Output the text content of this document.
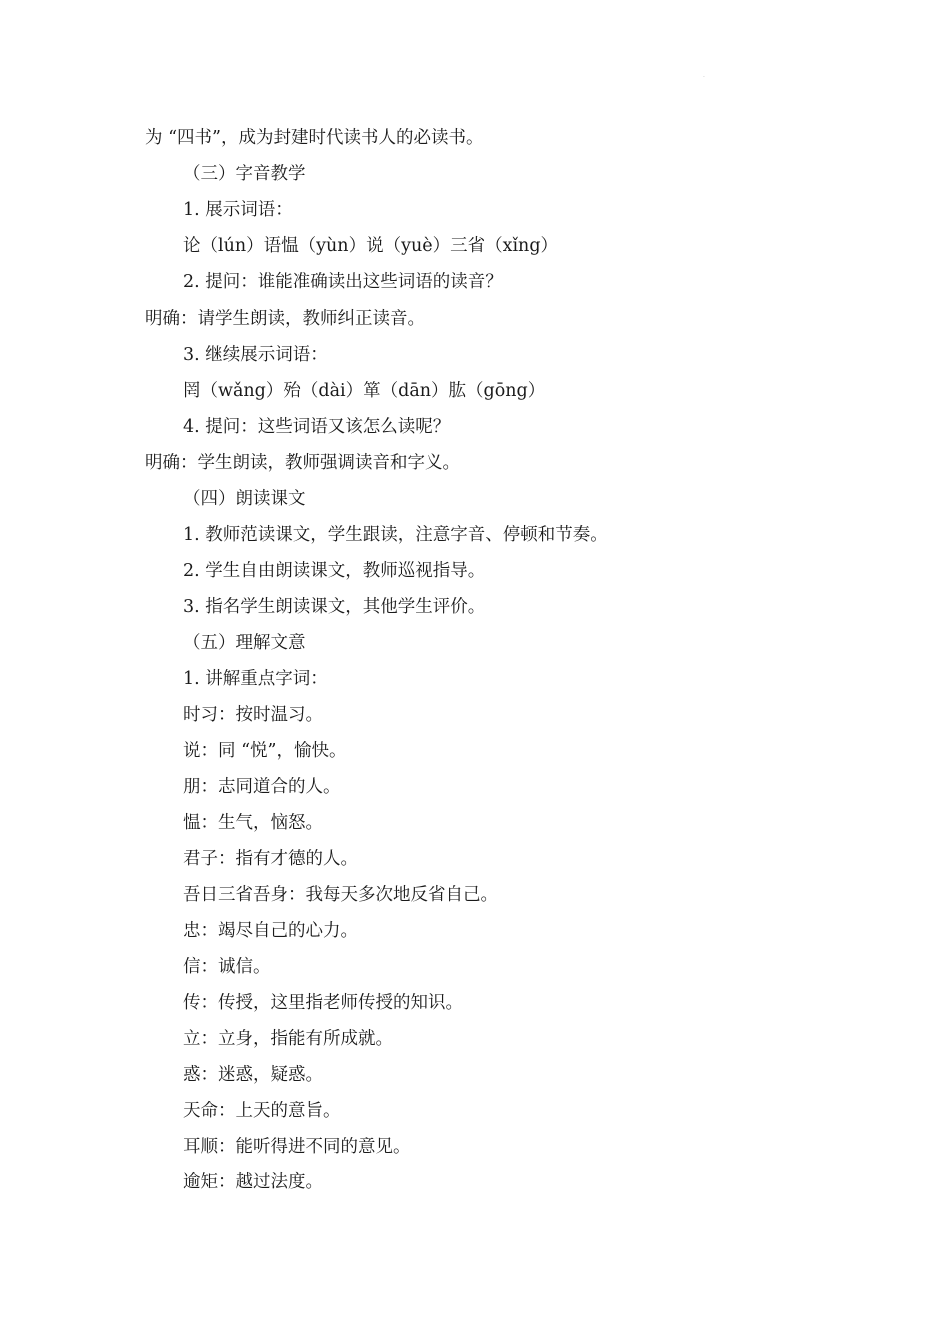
·
为 “四书”，成为封建时代读书人的必读书。
（三）字音教学
1. 展示词语：
论（lún）语愠（yùn）说（yuè）三省（xǐng）
2. 提问：谁能准确读出这些词语的读音？
明确：请学生朗读，教师纠正读音。
3. 继续展示词语：
罔（wǎng）殆（dài）箪（dān）肱（gōng）
4. 提问：这些词语又该怎么读呢？
明确：学生朗读，教师强调读音和字义。
（四）朗读课文
1. 教师范读课文，学生跟读，注意字音、停顿和节奏。
2. 学生自由朗读课文，教师巡视指导。
3. 指名学生朗读课文，其他学生评价。
（五）理解文意
1. 讲解重点字词：
时习：按时温习。
说：同 “悦”，愉快。
朋：志同道合的人。
愠：生气，恼怒。
君子：指有才德的人。
吾日三省吾身：我每天多次地反省自己。
忠：竭尽自己的心力。
信：诚信。
传：传授，这里指老师传授的知识。
立：立身，指能有所成就。
惑：迷惑，疑惑。
天命：上天的意旨。
耳顺：能听得进不同的意见。
逾矩：越过法度。
